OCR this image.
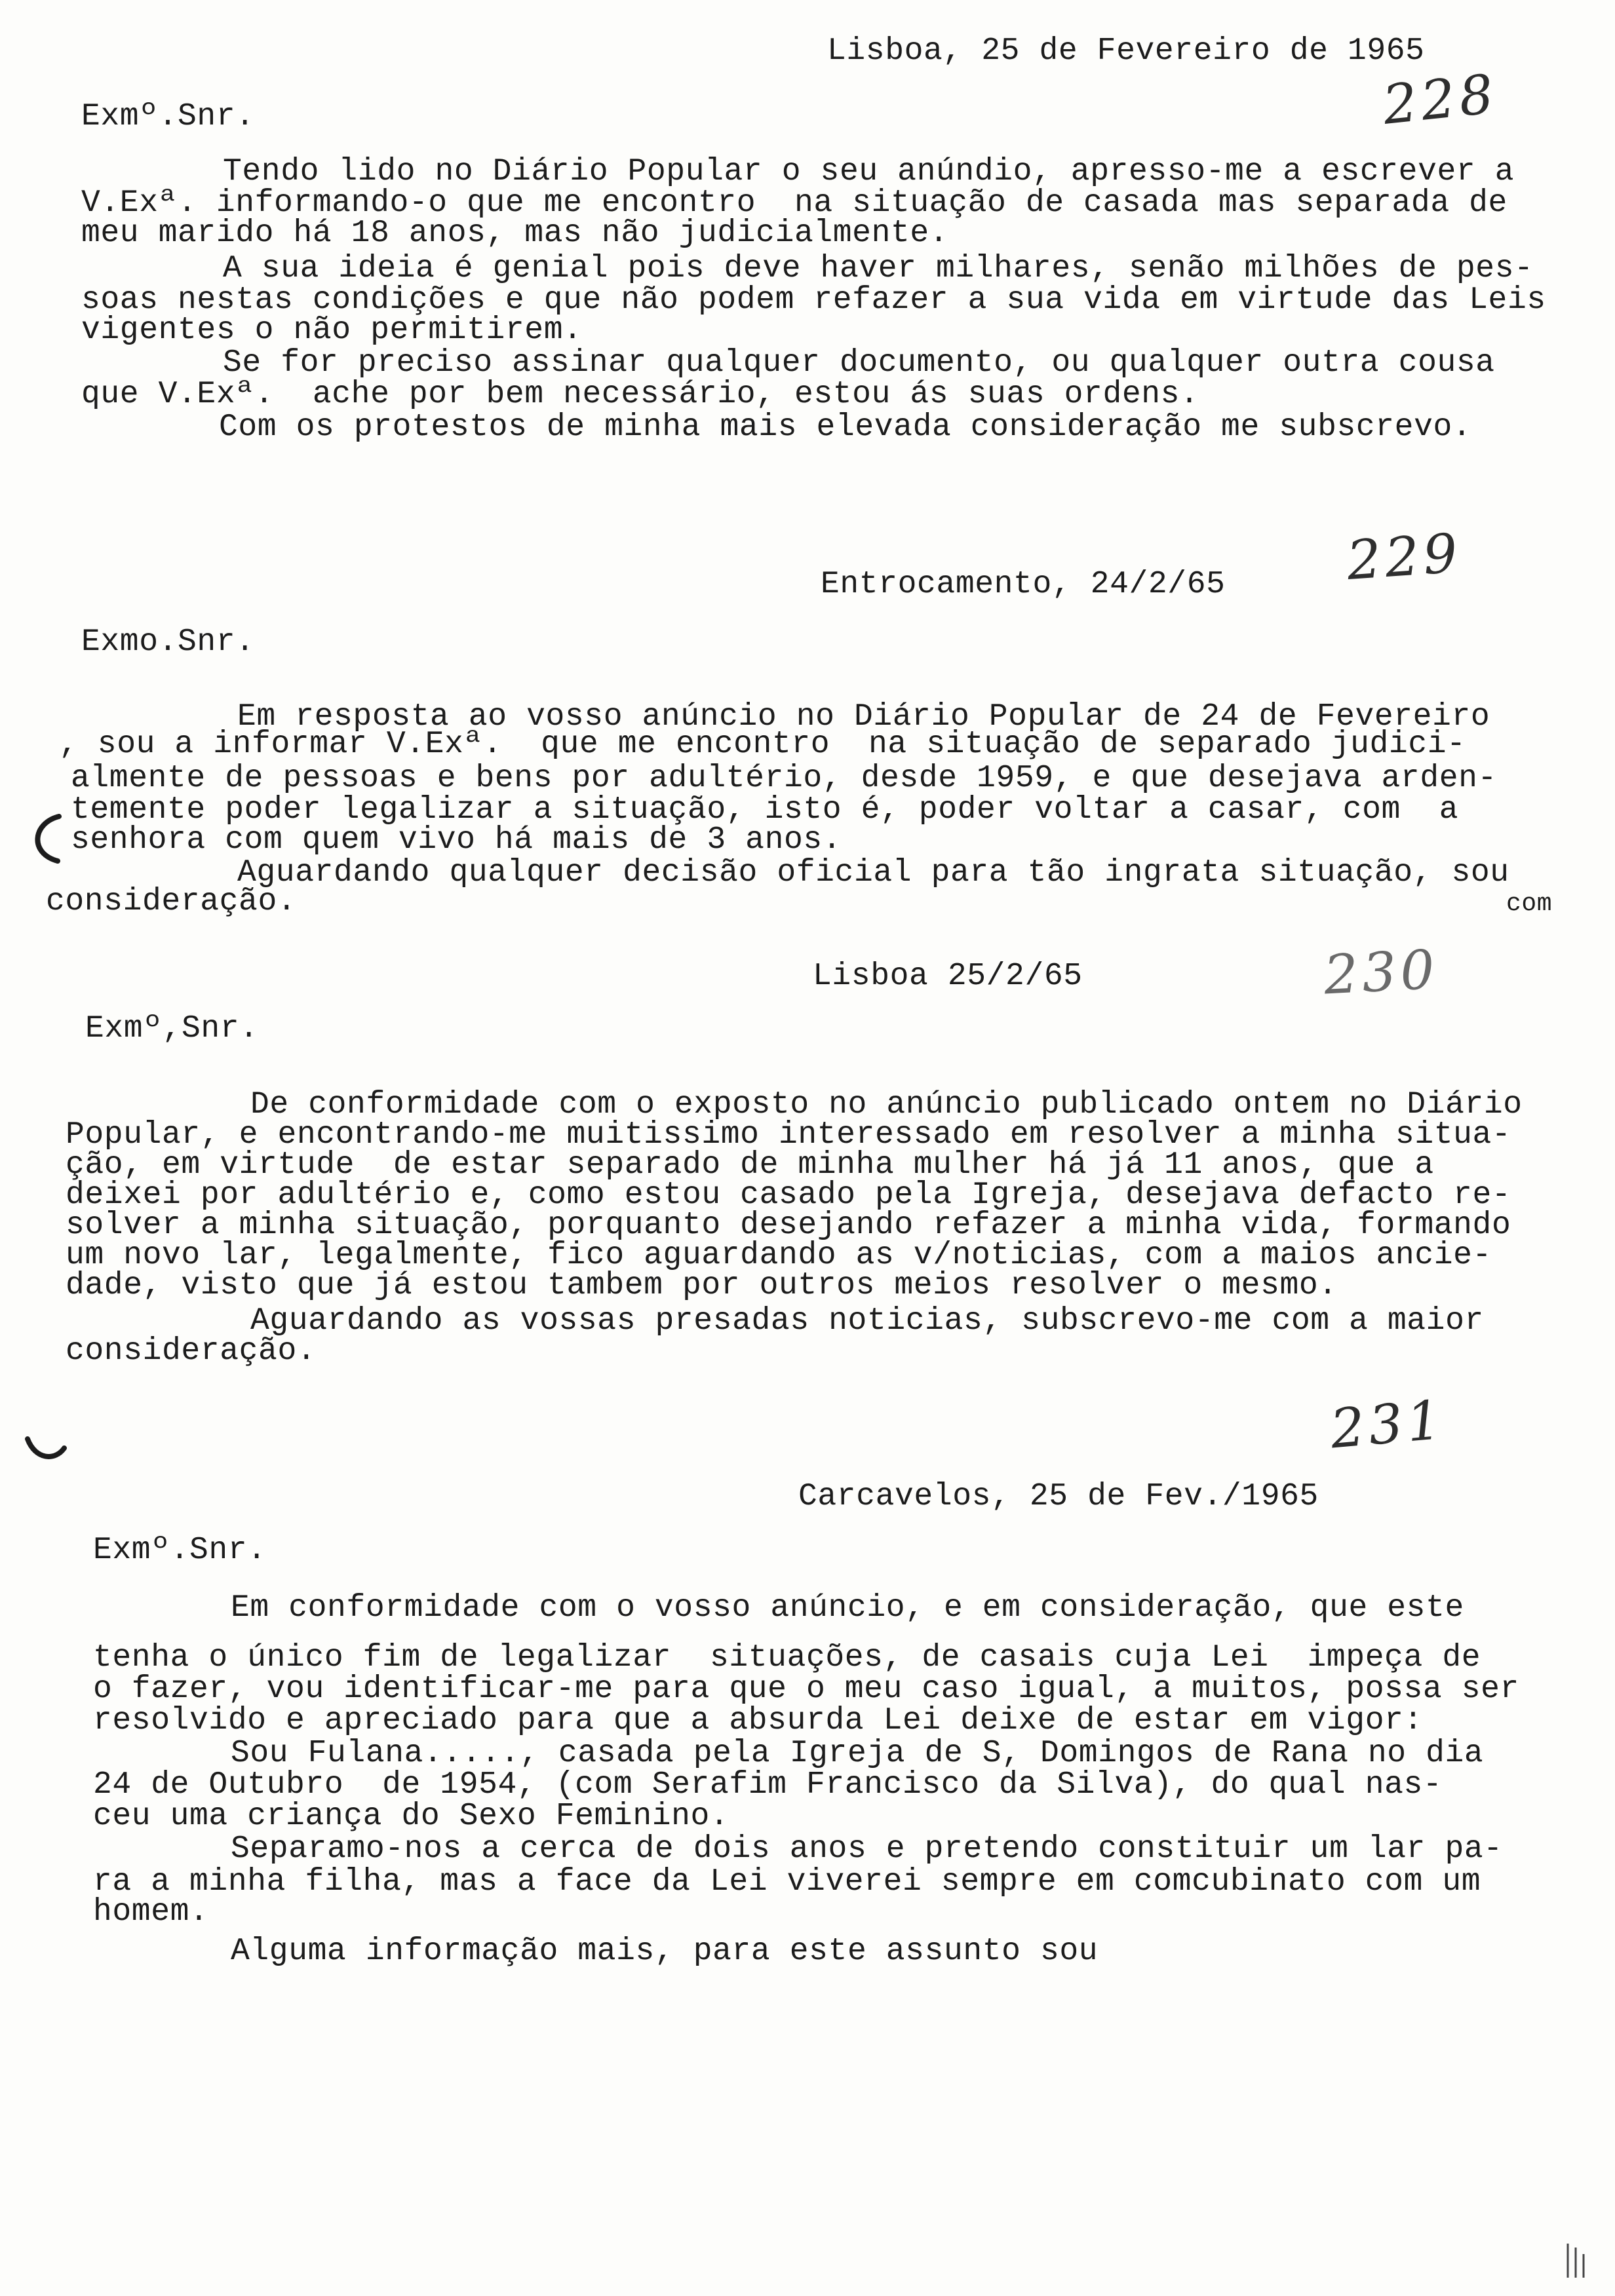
Lisboa, 25 de Fevereiro de 1965
228
Exmº.Snr.
Tendo lido no Diário Popular o seu anúndio, apresso-me a escrever a
V.Exª. informando-o que me encontro  na situação de casada mas separada de
meu marido há 18 anos, mas não judicialmente.
A sua ideia é genial pois deve haver milhares, senão milhões de pes-
soas nestas condições e que não podem refazer a sua vida em virtude das Leis
vigentes o não permitirem.
Se for preciso assinar qualquer documento, ou qualquer outra cousa
que V.Exª.  ache por bem necessário, estou ás suas ordens.
Com os protestos de minha mais elevada consideração me subscrevo.
Entrocamento, 24/2/65 229
Exmo.Snr.
Em resposta ao vosso anúncio no Diário Popular de 24 de Fevereiro
, sou a informar V.Exª.  que me encontro  na situação de separado judici-
almente de pessoas e bens por adultério, desde 1959, e que desejava arden-
temente poder legalizar a situação, isto é, poder voltar a casar, com  a
senhora com quem vivo há mais de 3 anos.
Aguardando qualquer decisão oficial para tão ingrata situação, sou
consideração.	com
Lisboa 25/2/65	230
Exmº,Snr.
De conformidade com o exposto no anúncio publicado ontem no Diário
Popular, e encontrando-me muitissimo interessado em resolver a minha situa-
ção, em virtude  de estar separado de minha mulher há já 11 anos, que a
deixei por adultério e, como estou casado pela Igreja, desejava defacto re-
solver a minha situação, porquanto desejando refazer a minha vida, formando
um novo lar, legalmente, fico aguardando as v/noticias, com a maios ancie-
dade, visto que já estou tambem por outros meios resolver o mesmo.
Aguardando as vossas presadas noticias, subscrevo-me com a maior
consideração.
231
Carcavelos, 25 de Fev./1965
Exmº.Snr.
Em conformidade com o vosso anúncio, e em consideração, que este
tenha o único fim de legalizar  situações, de casais cuja Lei  impeça de
o fazer, vou identificar-me para que o meu caso igual, a muitos, possa ser
resolvido e apreciado para que a absurda Lei deixe de estar em vigor:
Sou Fulana....., casada pela Igreja de S, Domingos de Rana no dia
24 de Outubro  de 1954, (com Serafim Francisco da Silva), do qual nas-
ceu uma criança do Sexo Feminino.
Separamo-nos a cerca de dois anos e pretendo constituir um lar pa-
ra a minha filha, mas a face da Lei viverei sempre em comcubinato com um
homem.
Alguma informação mais, para este assunto sou
